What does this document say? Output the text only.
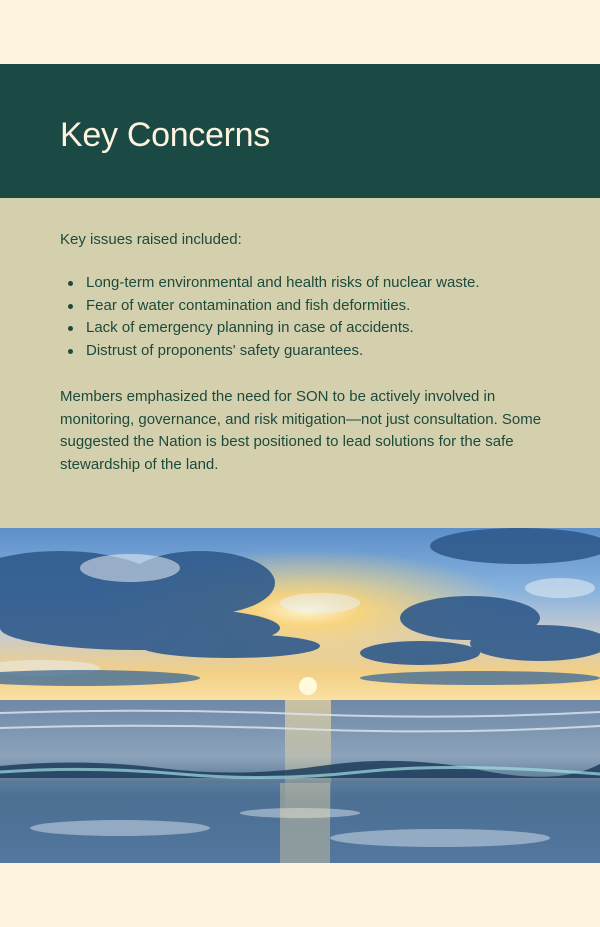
Key Concerns

Key issues raised included:

Long-term environmental and health risks of nuclear waste.
Fear of water contamination and fish deformities.
Lack of emergency planning in case of accidents.
Distrust of proponents' safety guarantees.

Members emphasized the need for SON to be actively involved in monitoring, governance, and risk mitigation—not just consultation. Some suggested the Nation is best positioned to lead solutions for the safe stewardship of the land.
